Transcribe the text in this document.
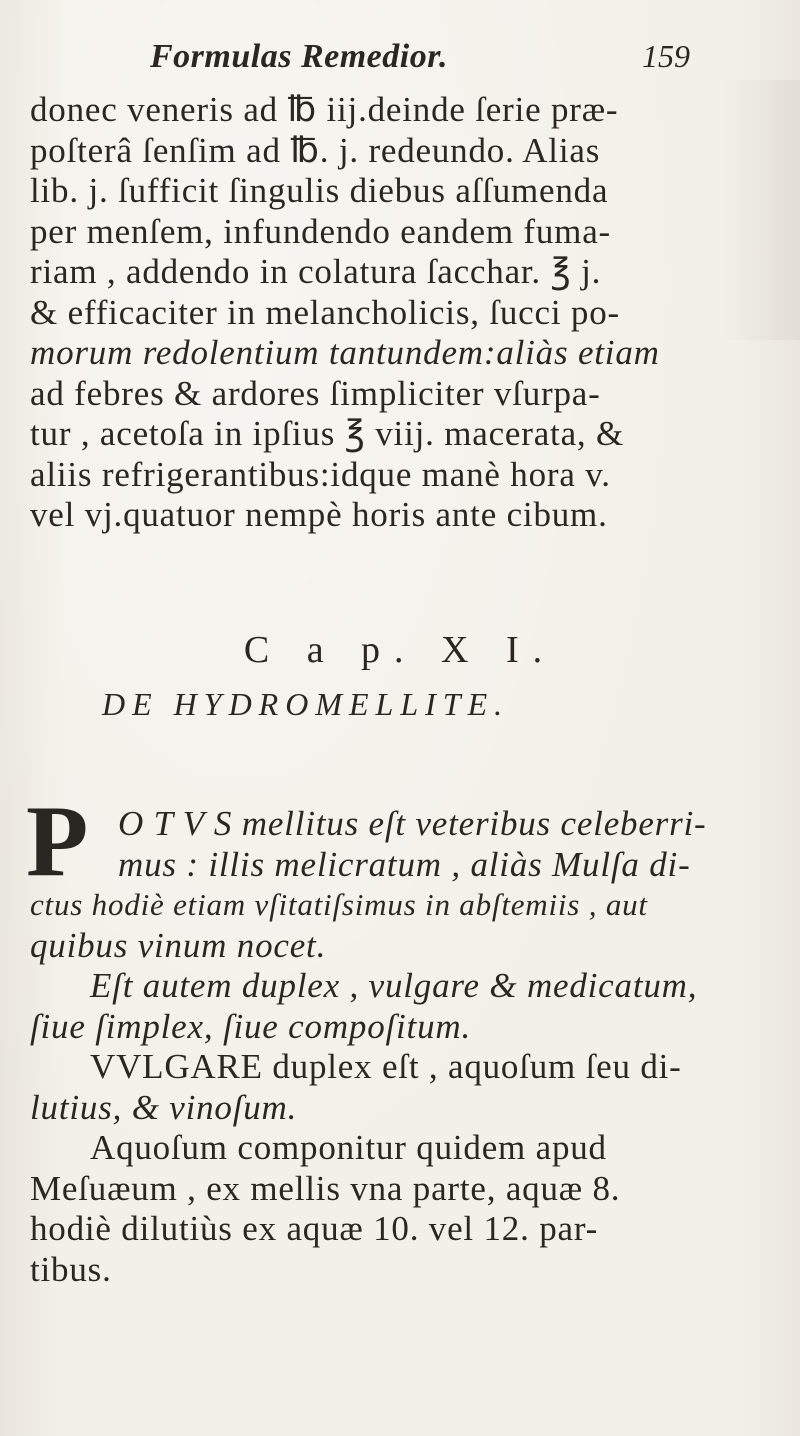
Formulas Remedior.	159
donec veneris ad ℔ iij.deinde ſerie præ-
poſterâ ſenſim ad ℔. j. redeundo. Alias
lib. j. ſufficit ſingulis diebus aſſumenda
per menſem, infundendo eandem fuma-
riam , addendo in colatura ſacchar. ℥ j.
& efficaciter in melancholicis, ſucci po-
morum redolentium tantundem:aliàs etiam
ad febres & ardores ſimpliciter vſurpa-
tur , acetoſa in ipſius ℥ viij. macerata, &
aliis refrigerantibus:idque manè hora v.
vel vj.quatuor nempè horis ante cibum.
C a p. X I.
DE HYDROMELLITE.
P O T V S mellitus eſt veteribus celeberri-
mus : illis melicratum , aliàs Mulſa di-
ctus hodiè etiam vſitatiſsimus in abſtemiis , aut
quibus vinum nocet.
Eſt autem duplex , vulgare & medicatum,
ſiue ſimplex, ſiue compoſitum.
VVLGARE duplex eſt , aquoſum ſeu di-
lutius, & vinoſum.
Aquoſum componitur quidem apud
Meſuæum , ex mellis vna parte, aquæ 8.
hodiè dilutiùs ex aquæ 10. vel 12. par-
tibus.
